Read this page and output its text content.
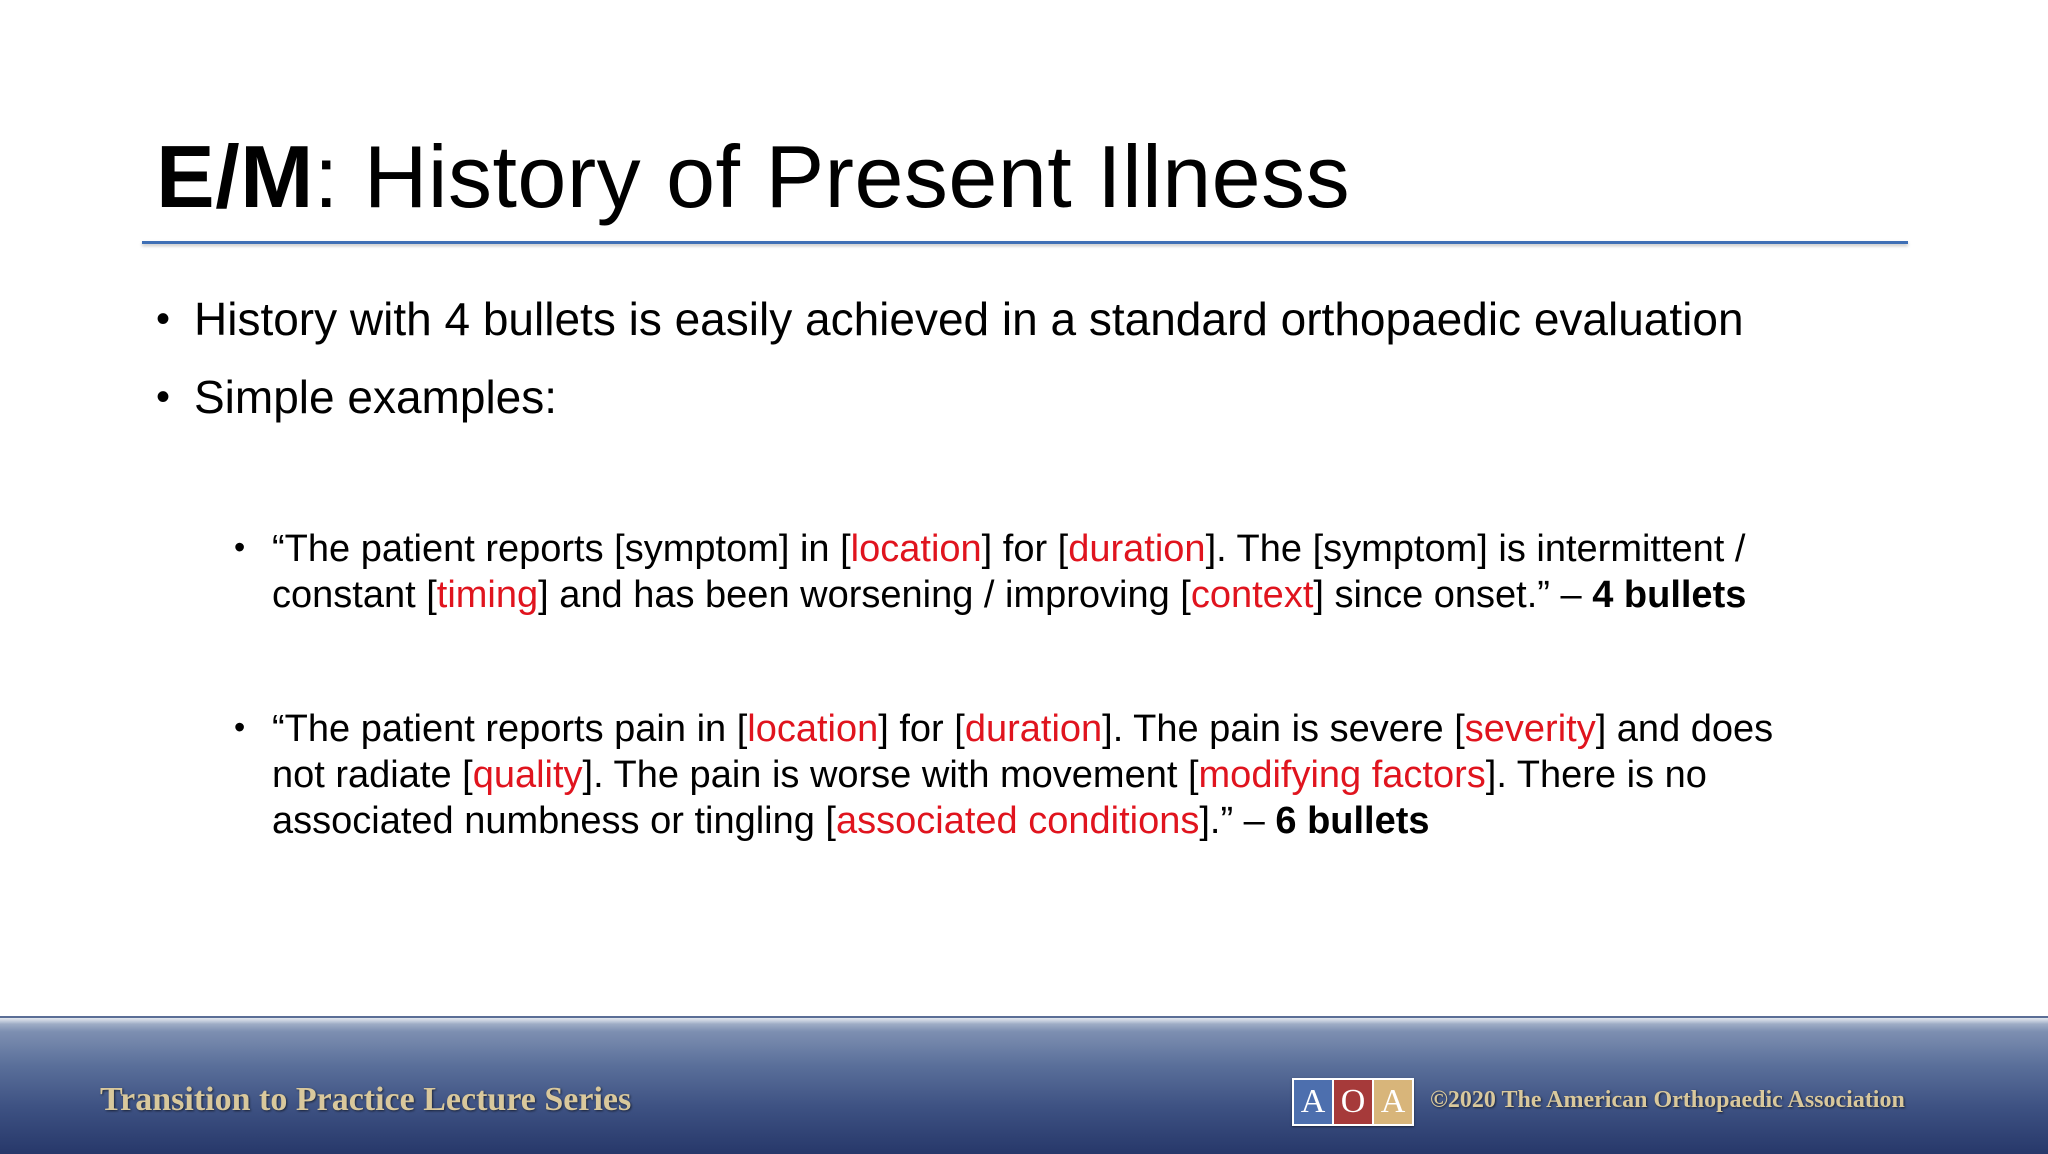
E/M: History of Present Illness
• History with 4 bullets is easily achieved in a standard orthopaedic evaluation
• Simple examples:
• “The patient reports [symptom] in [location] for [duration]. The [symptom] is intermittent / constant [timing] and has been worsening / improving [context] since onset.” – 4 bullets
• “The patient reports pain in [location] for [duration]. The pain is severe [severity] and does not radiate [quality]. The pain is worse with movement [modifying factors]. There is no associated numbness or tingling [associated conditions].” – 6 bullets
Transition to Practice Lecture Series	A O A ©2020 The American Orthopaedic Association
